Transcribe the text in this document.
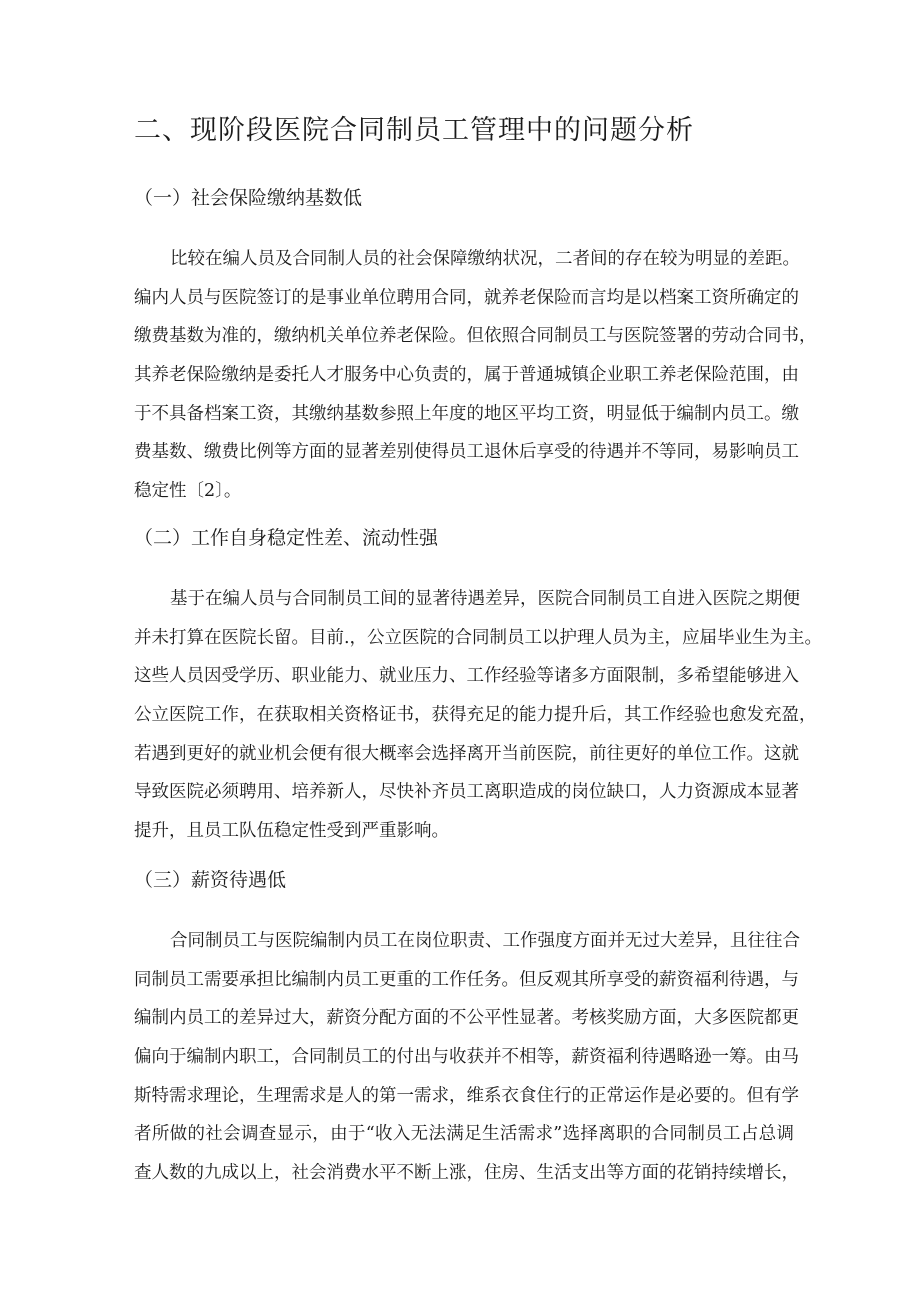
二、现阶段医院合同制员工管理中的问题分析
（一）社会保险缴纳基数低
比较在编人员及合同制人员的社会保障缴纳状况，二者间的存在较为明显的差距。
编内人员与医院签订的是事业单位聘用合同，就养老保险而言均是以档案工资所确定的
缴费基数为准的，缴纳机关单位养老保险。但依照合同制员工与医院签署的劳动合同书，
其养老保险缴纳是委托人才服务中心负责的，属于普通城镇企业职工养老保险范围，由
于不具备档案工资，其缴纳基数参照上年度的地区平均工资，明显低于编制内员工。缴
费基数、缴费比例等方面的显著差别使得员工退休后享受的待遇并不等同，易影响员工
稳定性〔2〕。
（二）工作自身稳定性差、流动性强
基于在编人员与合同制员工间的显著待遇差异，医院合同制员工自进入医院之期便
并未打算在医院长留。目前.，公立医院的合同制员工以护理人员为主，应届毕业生为主。
这些人员因受学历、职业能力、就业压力、工作经验等诸多方面限制，多希望能够进入
公立医院工作，在获取相关资格证书，获得充足的能力提升后，其工作经验也愈发充盈，
若遇到更好的就业机会便有很大概率会选择离开当前医院，前往更好的单位工作。这就
导致医院必须聘用、培养新人，尽快补齐员工离职造成的岗位缺口，人力资源成本显著
提升，且员工队伍稳定性受到严重影响。
（三）薪资待遇低
合同制员工与医院编制内员工在岗位职责、工作强度方面并无过大差异，且往往合
同制员工需要承担比编制内员工更重的工作任务。但反观其所享受的薪资福利待遇，与
编制内员工的差异过大，薪资分配方面的不公平性显著。考核奖励方面，大多医院都更
偏向于编制内职工，合同制员工的付出与收获并不相等，薪资福利待遇略逊一筹。由马
斯特需求理论，生理需求是人的第一需求，维系衣食住行的正常运作是必要的。但有学
者所做的社会调查显示，由于“收入无法满足生活需求”选择离职的合同制员工占总调
查人数的九成以上，社会消费水平不断上涨，住房、生活支出等方面的花销持续增长，
